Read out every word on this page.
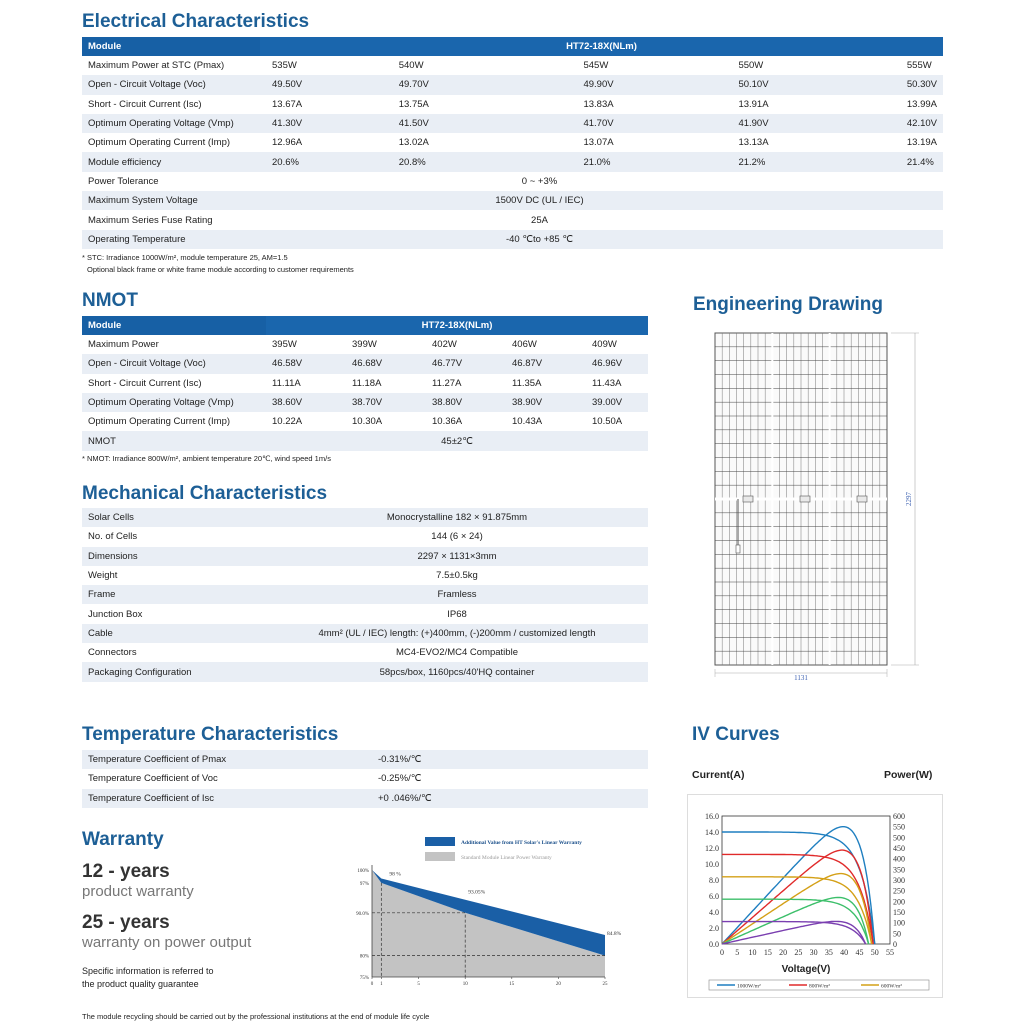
Electrical Characteristics
Module	HT72-18X(NLm)				
Maximum Power at STC (Pmax)	535W	540W	545W	550W	555W
Open - Circuit Voltage (Voc)	49.50V	49.70V	49.90V	50.10V	50.30V
Short - Circuit Current (Isc)	13.67A	13.75A	13.83A	13.91A	13.99A
Optimum Operating Voltage (Vmp)	41.30V	41.50V	41.70V	41.90V	42.10V
Optimum Operating Current (Imp)	12.96A	13.02A	13.07A	13.13A	13.19A
Module efficiency	20.6%	20.8%	21.0%	21.2%	21.4%
Power Tolerance	0 ~ +3%				
Maximum System Voltage	1500V DC (UL / IEC)				
Maximum Series Fuse Rating	25A				
Operating Temperature	-40 ℃to +85 ℃				
* STC: Irradiance 1000W/m², module temperature 25, AM=1.5
Optional black frame or white frame module according to customer requirements
NMOT
Module	HT72-18X(NLm)				
Maximum Power	395W	399W	402W	406W	409W
Open - Circuit Voltage (Voc)	46.58V	46.68V	46.77V	46.87V	46.96V
Short - Circuit Current (Isc)	11.11A	11.18A	11.27A	11.35A	11.43A
Optimum Operating Voltage (Vmp)	38.60V	38.70V	38.80V	38.90V	39.00V
Optimum Operating Current (Imp)	10.22A	10.30A	10.36A	10.43A	10.50A
NMOT	45±2℃				
* NMOT: Irradiance 800W/m², ambient temperature 20℃, wind speed 1m/s
Mechanical Characteristics
Solar Cells	Monocrystalline 182 × 91.875mm
No. of Cells	144 (6 × 24)
Dimensions	2297 × 1131×3mm
Weight	7.5±0.5kg
Frame	Framless
Junction Box	IP68
Cable	4mm² (UL / IEC) length: (+)400mm, (-)200mm / customized length
Connectors	MC4-EVO2/MC4 Compatible
Packaging Configuration	58pcs/box, 1160pcs/40'HQ container
Engineering Drawing
2297
1131
Temperature Characteristics
Temperature Coefficient of Pmax	-0.31%/℃
Temperature Coefficient of Voc	-0.25%/℃
Temperature Coefficient of Isc	+0 .046%/℃
Warranty
12 - years
product warranty
25 - years
warranty on power output
Specific information is referred to
the product quality guarantee
Additional Value from HT Solar's Linear Warranty
Standard Module Linear Power Warranty
100%
97%
90.0%
80%
75%
0 1	5	10	15	20	25
98 %
93.05%
84.8%
IV Curves
Current(A)	Power(W)
0.0
2.0
4.0
6.0
8.0
10.0
12.0
14.0
16.0
0
50
100
150
200
250
300
350
400
450
500
550
600
0 5 10 15 20 25 30 35 40 45 50 55
Voltage(V)
1000W/m²	800W/m²	600W/m²
The module recycling should be carried out by the professional institutions at the end of module life cycle
